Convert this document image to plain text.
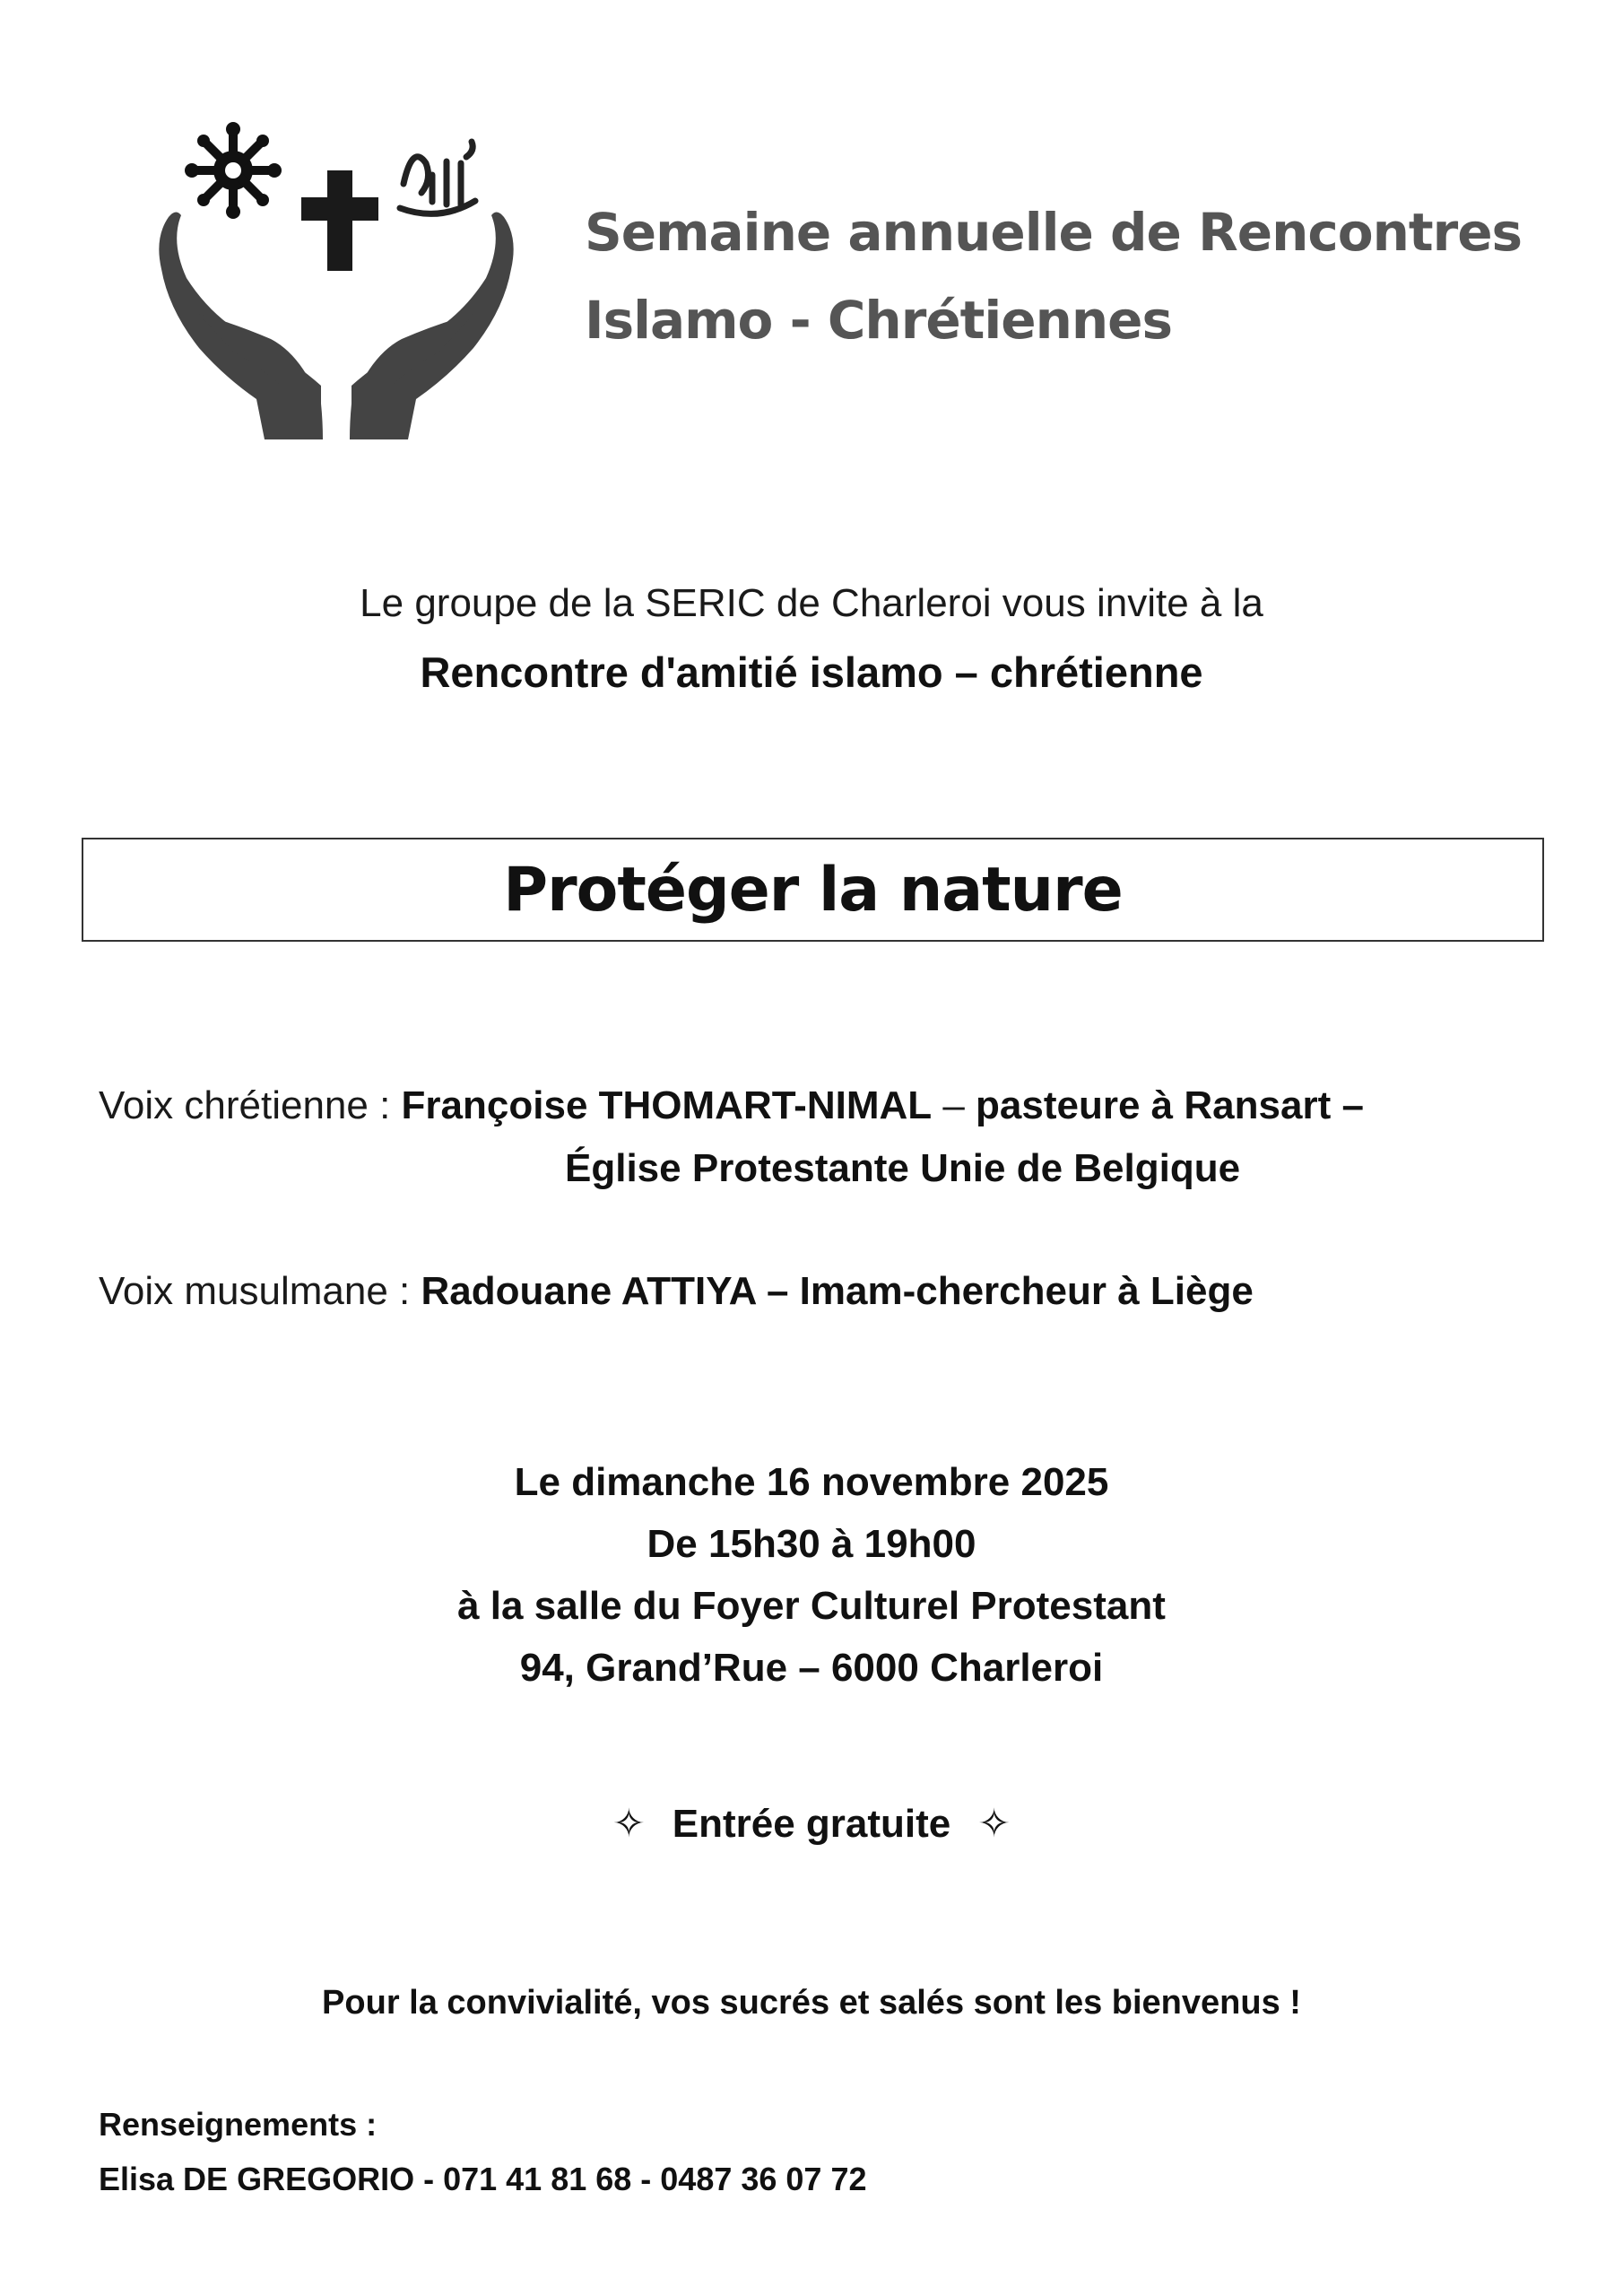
Semaine annuelle de Rencontres
Islamo - Chrétiennes
Le groupe de la SERIC de Charleroi vous invite à la
Rencontre d'amitié islamo – chrétienne
Protéger la nature
Voix chrétienne : Françoise THOMART-NIMAL – pasteure à Ransart –
Église Protestante Unie de Belgique
Voix musulmane : Radouane ATTIYA – Imam-chercheur à Liège
Le dimanche 16 novembre 2025
De 15h30 à 19h00
à la salle du Foyer Culturel Protestant
94, Grand’Rue – 6000 Charleroi
✧ Entrée gratuite ✧
Pour la convivialité, vos sucrés et salés sont les bienvenus !
Renseignements :
Elisa DE GREGORIO - 071 41 81 68 - 0487 36 07 72
